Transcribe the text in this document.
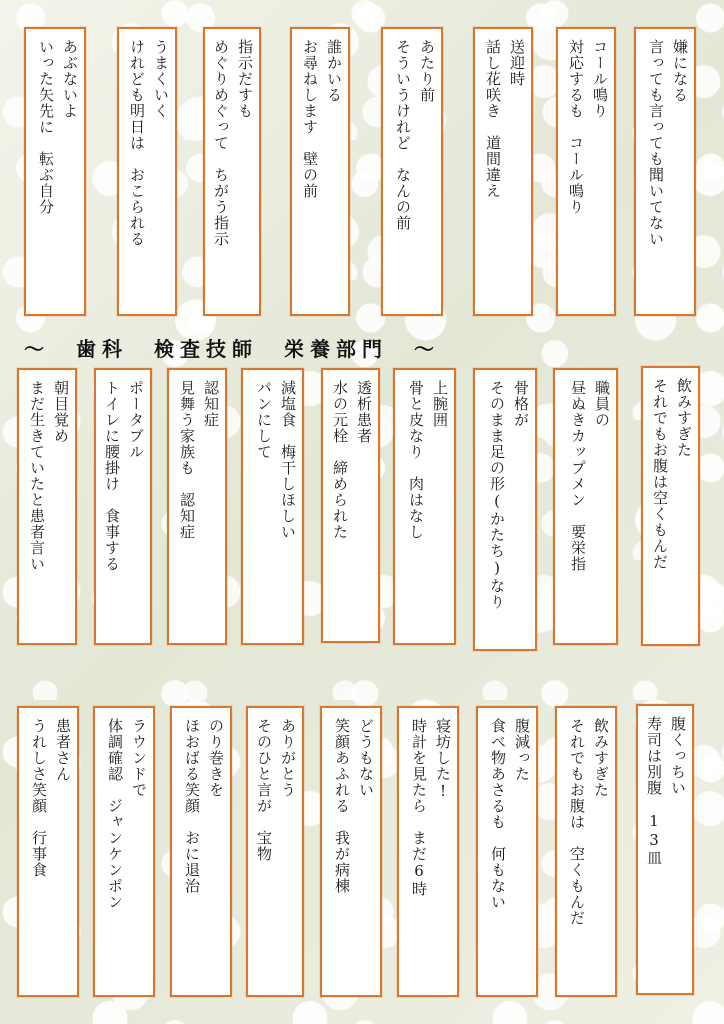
嫌になる
言っても言っても聞いてない
コール鳴り
対応するも　コール鳴り
送迎時
話し花咲き　道間違え
あたり前
そういうけれど　なんの前
誰かいる
お尋ねします　壁の前
指示だすも
めぐりめぐって　ちがう指示
うまくいく
けれども明日は　おこられる
あぶないよ
いった矢先に　転ぶ自分
〜　歯科　検査技師　栄養部門　〜
飲みすぎた
それでもお腹は空くもんだ
職員の
昼ぬきカップメン　要栄指
骨格が
そのまま足の形(かたち)なり
上腕囲
骨と皮なり　肉はなし
透析患者
水の元栓　締められた
減塩食　梅干しほしい
パンにして
認知症
見舞う家族も　認知症
ポータブル
トイレに腰掛け　食事する
朝目覚め
まだ生きていたと患者言い
腹くっちい
寿司は別腹　13皿
飲みすぎた
それでもお腹は　空くもんだ
腹減った
食べ物あさるも　何もない
寝坊した!
時計を見たら　まだ6時
どうもない
笑顔あふれる　我が病棟
ありがとう
そのひと言が　宝物
のり巻きを
ほおばる笑顔　おに退治
ラウンドで
体調確認　ジャンケンポン
患者さん
うれしさ笑顔　行事食
